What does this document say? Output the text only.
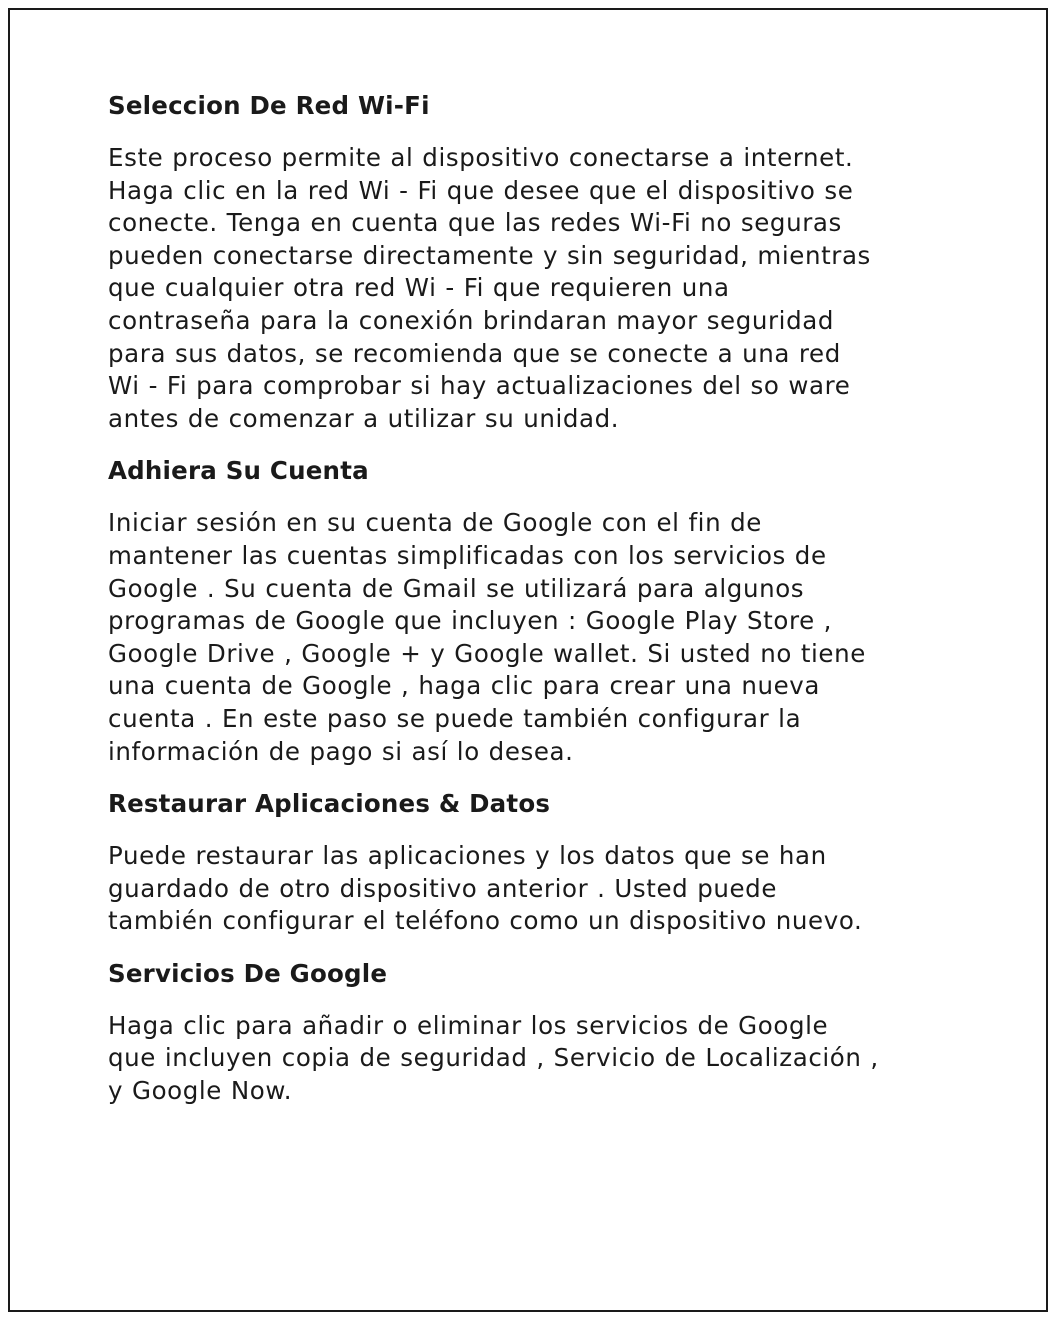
Seleccion De Red Wi-Fi

Este proceso permite al dispositivo conectarse a internet.
Haga clic en la red Wi - Fi que desee que el dispositivo se
conecte. Tenga en cuenta que las redes Wi-Fi no seguras
pueden conectarse directamente y sin seguridad, mientras
que cualquier otra red Wi - Fi que requieren una
contraseña para la conexión brindaran mayor seguridad
para sus datos, se recomienda que se conecte a una red
Wi - Fi para comprobar si hay actualizaciones del so ware
antes de comenzar a utilizar su unidad.

Adhiera Su Cuenta

Iniciar sesión en su cuenta de Google con el fin de
mantener las cuentas simplificadas con los servicios de
Google . Su cuenta de Gmail se utilizará para algunos
programas de Google que incluyen : Google Play Store ,
Google Drive , Google + y Google wallet. Si usted no tiene
una cuenta de Google , haga clic para crear una nueva
cuenta . En este paso se puede también configurar la
información de pago si así lo desea.

Restaurar Aplicaciones & Datos

Puede restaurar las aplicaciones y los datos que se han
guardado de otro dispositivo anterior . Usted puede
también configurar el teléfono como un dispositivo nuevo.

Servicios De Google

Haga clic para añadir o eliminar los servicios de Google
que incluyen copia de seguridad , Servicio de Localización ,
y Google Now.
